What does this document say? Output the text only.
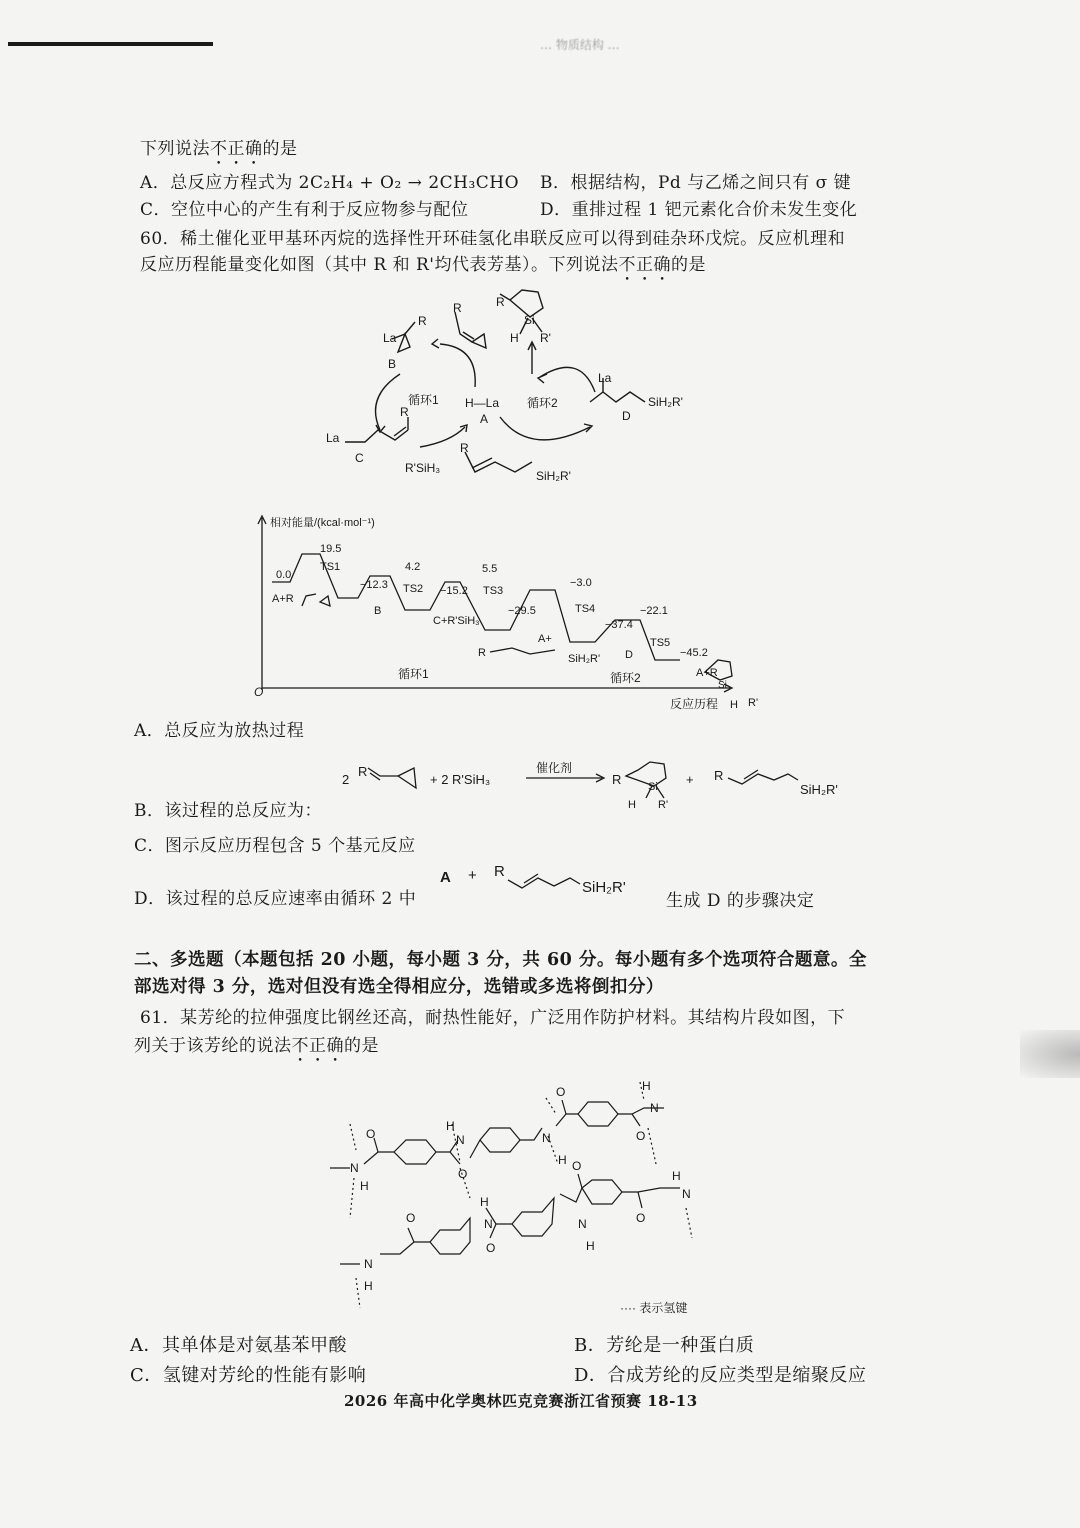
… 物质结构 …
下列说法不正确的是
A．总反应方程式为 2C₂H₄ + O₂ → 2CH₃CHO B．根据结构，Pd 与乙烯之间只有 σ 键
C．空位中心的产生有利于反应物参与配位	D．重排过程 1 钯元素化合价未发生变化
60．稀土催化亚甲基环丙烷的选择性开环硅氢化串联反应可以得到硅杂环戊烷。反应机理和
反应历程能量变化如图（其中 R 和 R'均代表芳基）。下列说法不正确的是
La
R
B
R	R
Si
H R'
循环1 H—La
A
循环2
La
SiH₂R'
D
La
R
C
R'SiH₃
R
SiH₂R'
相对能量/(kcal·mol⁻¹)
O
反应历程
0.0
19.5
−12.3
4.2
−15.2
5.5
−29.5
−3.0
−37.4
−22.1
−45.2
A+R
TS1
B
TS2
C+R'SiH₃
TS3
A+
TS4
D
TS5
A+R
R	SiH₂R'
循环1	循环2
H R'
Si
A．总反应为放热过程
2
R
+ 2 R'SiH₃
催化剂
R Si
H R'
+ R
SiH₂R'
B．该过程的总反应为：
C．图示反应历程包含 5 个基元反应
D．该过程的总反应速率由循环 2 中
A + R
SiH₂R'
生成 D 的步骤决定
二、多选题（本题包括 20 小题，每小题 3 分，共 60 分。每小题有多个选项符合题意。全
部选对得 3 分，选对但没有选全得相应分，选错或多选将倒扣分）
61．某芳纶的拉伸强度比钢丝还高，耐热性能好，广泛用作防护材料。其结构片段如图，下
列关于该芳纶的说法不正确的是
N
H
O
H
N
O
N
H
O	H
N
O
H
N
O
O
H
N
O
N
H
O
N
H
···· 表示氢键
A．其单体是对氨基苯甲酸	B．芳纶是一种蛋白质
C．氢键对芳纶的性能有影响	D．合成芳纶的反应类型是缩聚反应
2026 年高中化学奥林匹克竞赛浙江省预赛 18-13
